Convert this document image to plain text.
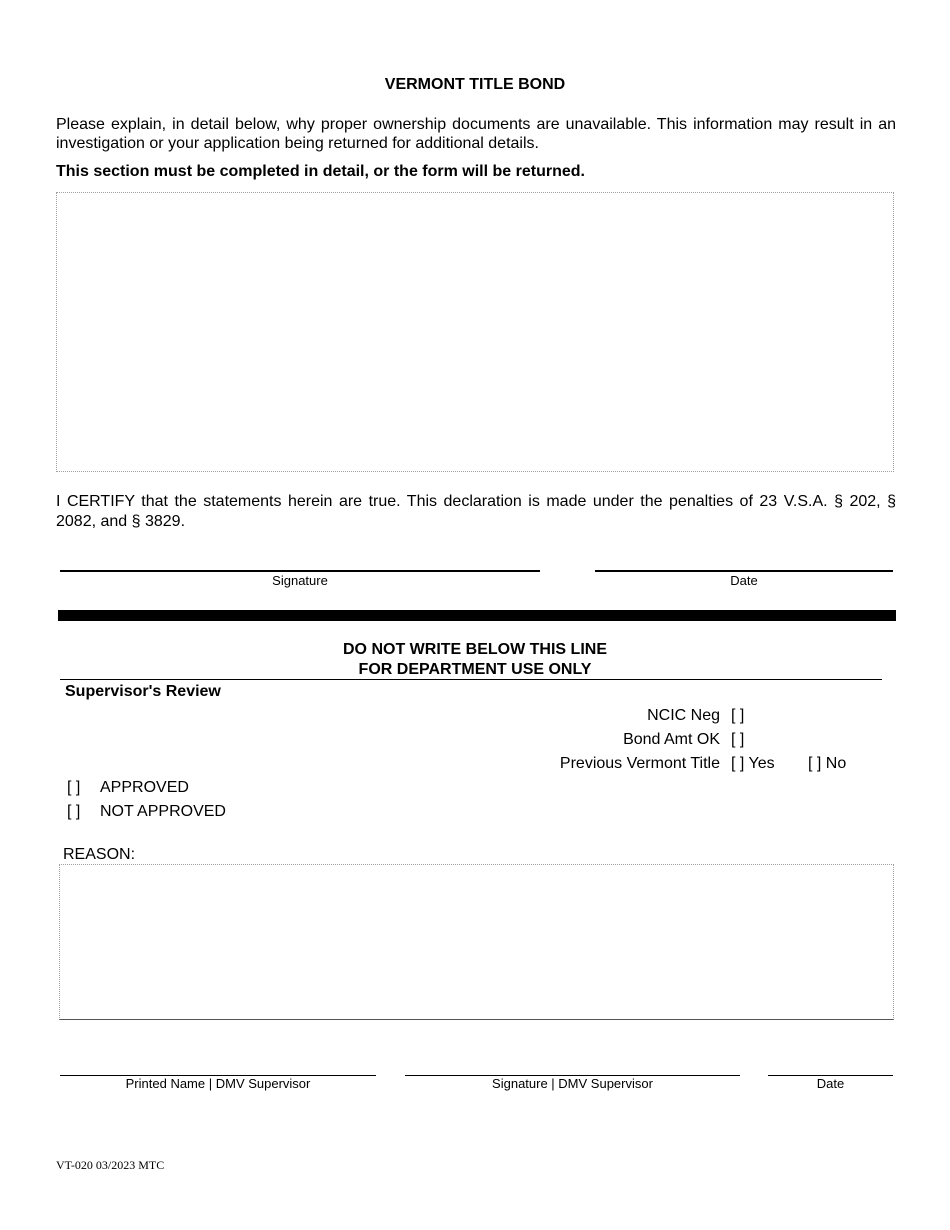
VERMONT TITLE BOND
Please explain, in detail below, why proper ownership documents are unavailable. This information may result in an investigation or your application being returned for additional details.
This section must be completed in detail, or the form will be returned.
I CERTIFY that the statements herein are true. This declaration is made under the penalties of 23 V.S.A. § 202, § 2082, and § 3829.
Signature	Date
DO NOT WRITE BELOW THIS LINE
FOR DEPARTMENT USE ONLY
Supervisor's Review
NCIC Neg [ ]
Bond Amt OK [ ]
Previous Vermont Title [ ] Yes [ ] No
[ ] APPROVED
[ ] NOT APPROVED
REASON:
Printed Name | DMV Supervisor	Signature | DMV Supervisor	Date
VT-020 03/2023 MTC
